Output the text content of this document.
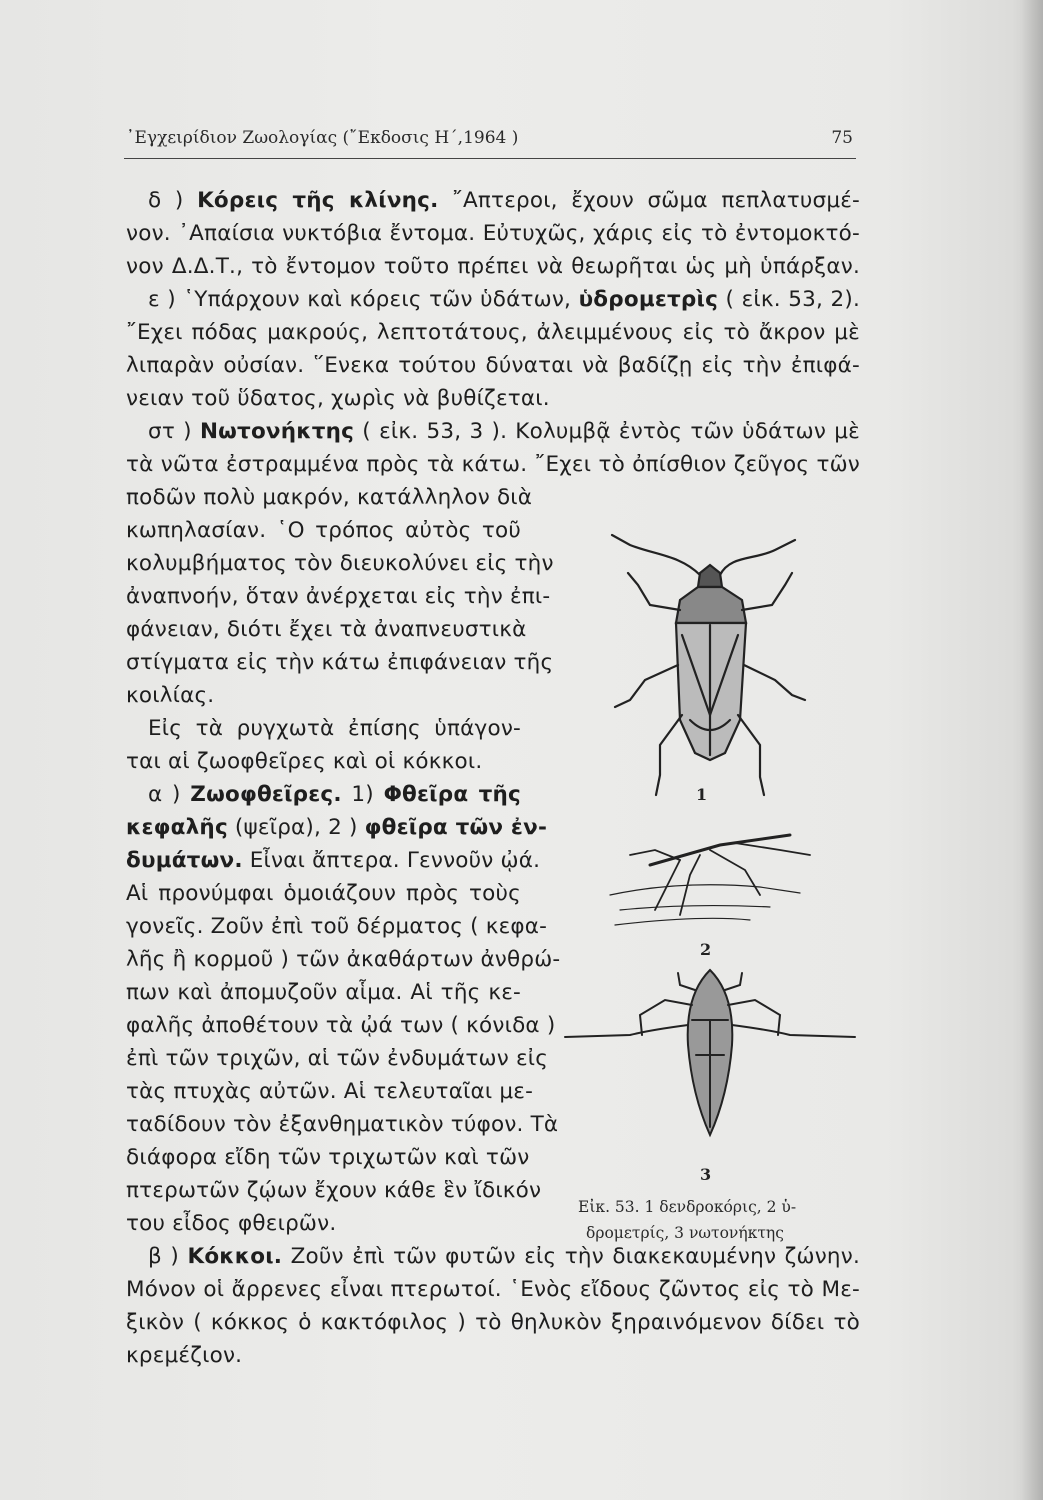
᾿Εγχειρίδιον Ζωολογίας (῎Εκδοσις Η΄,1964 )	75
δ ) Κόρεις τῆς κλίνης. ῎Απτεροι, ἔχουν σῶμα πεπλατυσμέ-
νον. ᾿Απαίσια νυκτόβια ἔντομα. Εὐτυχῶς, χάρις εἰς τὸ ἐντομοκτό-
νον Δ.Δ.Τ., τὸ ἔντομον τοῦτο πρέπει νὰ θεωρῆται ὡς μὴ ὑπάρξαν.
ε ) ῾Υπάρχουν καὶ κόρεις τῶν ὑδάτων, ὑδρομετρὶς ( εἰκ. 53, 2).
῎Εχει πόδας μακρούς, λεπτοτάτους, ἀλειμμένους εἰς τὸ ἄκρον μὲ
λιπαρὰν οὐσίαν. ῞Ενεκα τούτου δύναται νὰ βαδίζῃ εἰς τὴν ἐπιφά-
νειαν τοῦ ὕδατος, χωρὶς νὰ βυθίζεται.
στ ) Νωτονήκτης ( εἰκ. 53, 3 ). Κολυμβᾷ ἐντὸς τῶν ὑδάτων μὲ
τὰ νῶτα ἐστραμμένα πρὸς τὰ κάτω. ῎Εχει τὸ ὀπίσθιον ζεῦγος τῶν
ποδῶν πολὺ μακρόν, κατάλληλον διὰ
κωπηλασίαν. ῾Ο τρόπος αὐτὸς τοῦ
κολυμβήματος τὸν διευκολύνει εἰς τὴν
ἀναπνοήν, ὅταν ἀνέρχεται εἰς τὴν ἐπι-
φάνειαν, διότι ἔχει τὰ ἀναπνευστικὰ
στίγματα εἰς τὴν κάτω ἐπιφάνειαν τῆς
κοιλίας.
Εἰς τὰ ρυγχωτὰ ἐπίσης ὑπάγον-
ται αἱ ζωοφθεῖρες καὶ οἱ κόκκοι.
α ) Ζωοφθεῖρες. 1) Φθεῖρα τῆς
κεφαλῆς (ψεῖρα), 2 ) φθεῖρα τῶν ἐν-
δυμάτων. Εἶναι ἄπτερα. Γεννοῦν ᾠά.
Αἱ προνύμφαι ὁμοιάζουν πρὸς τοὺς
γονεῖς. Ζοῦν ἐπὶ τοῦ δέρματος ( κεφα-
λῆς ἢ κορμοῦ ) τῶν ἀκαθάρτων ἀνθρώ-
πων καὶ ἀπομυζοῦν αἷμα. Αἱ τῆς κε-
φαλῆς ἀποθέτουν τὰ ᾠά των ( κόνιδα )
ἐπὶ τῶν τριχῶν, αἱ τῶν ἐνδυμάτων εἰς
τὰς πτυχὰς αὐτῶν. Αἱ τελευταῖαι με-
ταδίδουν τὸν ἐξανθηματικὸν τύφον. Τὰ
διάφορα εἴδη τῶν τριχωτῶν καὶ τῶν
πτερωτῶν ζῴων ἔχουν κάθε ἓν ἴδικόν
του εἶδος φθειρῶν.
β ) Κόκκοι. Ζοῦν ἐπὶ τῶν φυτῶν εἰς τὴν διακεκαυμένην ζώνην.
Μόνον οἱ ἄρρενες εἶναι πτερωτοί. ῾Ενὸς εἴδους ζῶντος εἰς τὸ Με-
ξικὸν ( κόκκος ὁ κακτόφιλος ) τὸ θηλυκὸν ξηραινόμενον δίδει τὸ
κρεμέζιον.
1
2
3
Εἰκ. 53. 1 δενδροκόρις, 2 ὑ-
δρομετρίς, 3 νωτονήκτης
